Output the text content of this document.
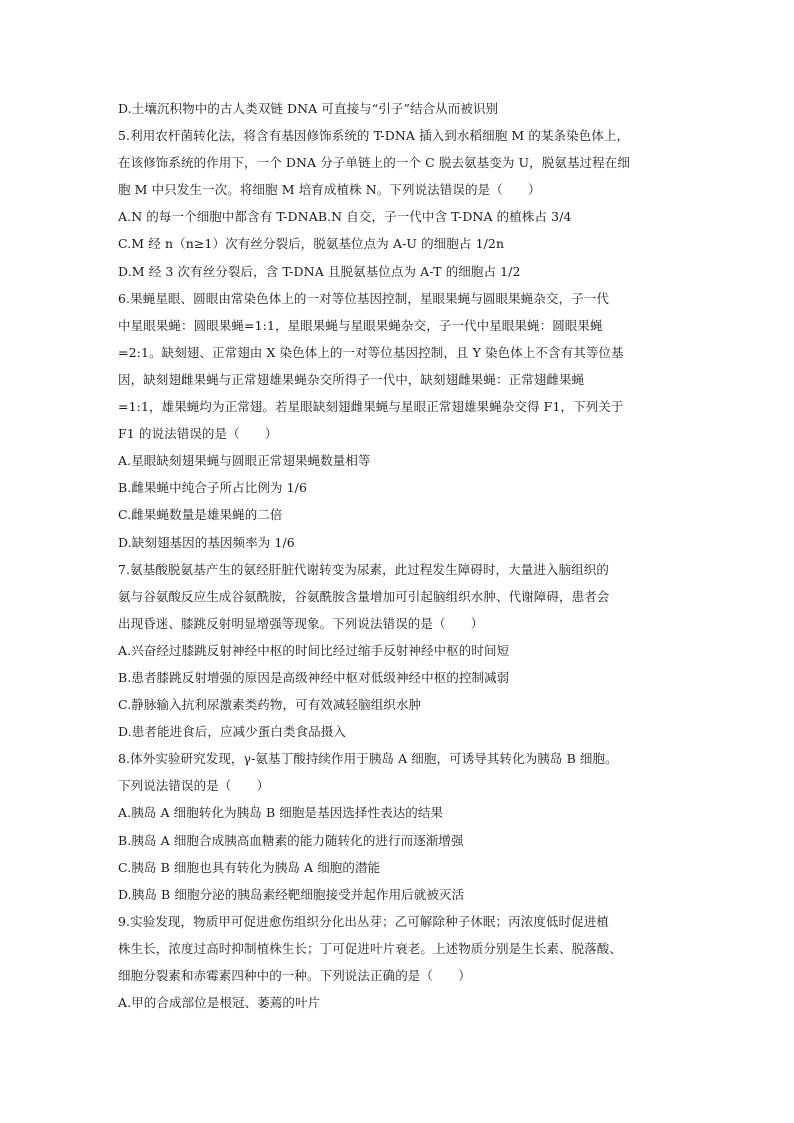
D.土壤沉积物中的古人类双链 DNA 可直接与“引子”结合从而被识别
5.利用农杆菌转化法，将含有基因修饰系统的 T-DNA 插入到水稻细胞 M 的某条染色体上，
在该修饰系统的作用下，一个 DNA 分子单链上的一个 C 脱去氨基变为 U，脱氨基过程在细
胞 M 中只发生一次。将细胞 M 培育成植株 N。下列说法错误的是（　　）
A.N 的每一个细胞中都含有 T-DNAB.N 自交，子一代中含 T-DNA 的植株占 3/4
C.M 经 n（n≥1）次有丝分裂后，脱氨基位点为 A-U 的细胞占 1/2n
D.M 经 3 次有丝分裂后，含 T-DNA 且脱氨基位点为 A-T 的细胞占 1/2
6.果蝇星眼、圆眼由常染色体上的一对等位基因控制，星眼果蝇与圆眼果蝇杂交，子一代
中星眼果蝇：圆眼果蝇=1:1，星眼果蝇与星眼果蝇杂交，子一代中星眼果蝇：圆眼果蝇
=2:1。缺刻翅、正常翅由 X 染色体上的一对等位基因控制，且 Y 染色体上不含有其等位基
因，缺刻翅雌果蝇与正常翅雄果蝇杂交所得子一代中，缺刻翅雌果蝇：正常翅雌果蝇
=1:1，雄果蝇均为正常翅。若星眼缺刻翅雌果蝇与星眼正常翅雄果蝇杂交得 F1，下列关于
F1 的说法错误的是（　　）
A.星眼缺刻翅果蝇与圆眼正常翅果蝇数量相等
B.雌果蝇中纯合子所占比例为 1/6
C.雌果蝇数量是雄果蝇的二倍
D.缺刻翅基因的基因频率为 1/6
7.氨基酸脱氨基产生的氨经肝脏代谢转变为尿素，此过程发生障碍时，大量进入脑组织的
氨与谷氨酸反应生成谷氨酰胺，谷氨酰胺含量增加可引起脑组织水肿、代谢障碍，患者会
出现昏迷、膝跳反射明显增强等现象。下列说法错误的是（　　）
A.兴奋经过膝跳反射神经中枢的时间比经过缩手反射神经中枢的时间短
B.患者膝跳反射增强的原因是高级神经中枢对低级神经中枢的控制减弱
C.静脉输入抗利尿激素类药物，可有效减轻脑组织水肿
D.患者能进食后，应减少蛋白类食品摄入
8.体外实验研究发现，γ-氨基丁酸持续作用于胰岛 A 细胞，可诱导其转化为胰岛 B 细胞。
下列说法错误的是（　　）
A.胰岛 A 细胞转化为胰岛 B 细胞是基因选择性表达的结果
B.胰岛 A 细胞合成胰高血糖素的能力随转化的进行而逐渐增强
C.胰岛 B 细胞也具有转化为胰岛 A 细胞的潜能
D.胰岛 B 细胞分泌的胰岛素经靶细胞接受并起作用后就被灭活
9.实验发现，物质甲可促进愈伤组织分化出丛芽；乙可解除种子休眠；丙浓度低时促进植
株生长，浓度过高时抑制植株生长；丁可促进叶片衰老。上述物质分别是生长素、脱落酸、
细胞分裂素和赤霉素四种中的一种。下列说法正确的是（　　）
A.甲的合成部位是根冠、萎蔫的叶片
